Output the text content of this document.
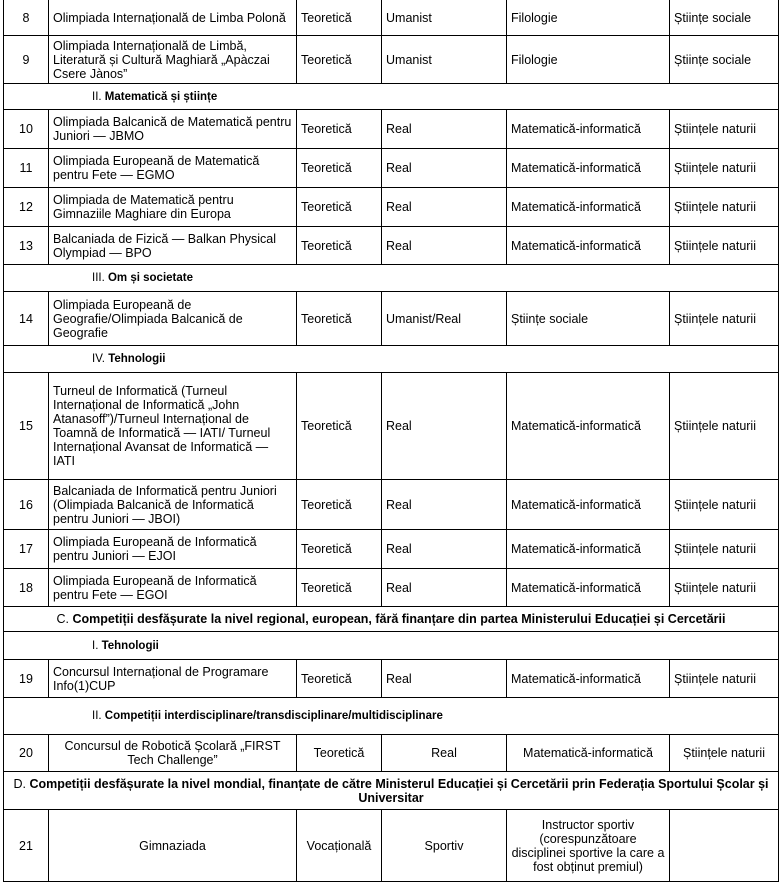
8	Olimpiada Internațională de Limba Polonă	Teoretică	Umanist	Filologie	Științe sociale
9	Olimpiada Internațională de Limbă, Literatură și Cultură Maghiară „Apàczai Csere Jànos”	Teoretică	Umanist	Filologie	Științe sociale
II. Matematică și științe					
10	Olimpiada Balcanică de Matematică pentru Juniori — JBMO	Teoretică	Real	Matematică-informatică	Științele naturii
11	Olimpiada Europeană de Matematică pentru Fete — EGMO	Teoretică	Real	Matematică-informatică	Științele naturii
12	Olimpiada de Matematică pentru Gimnaziile Maghiare din Europa	Teoretică	Real	Matematică-informatică	Științele naturii
13	Balcaniada de Fizică — Balkan Physical Olympiad — BPO	Teoretică	Real	Matematică-informatică	Științele naturii
III. Om și societate					
14	Olimpiada Europeană de Geografie/Olimpiada Balcanică de Geografie	Teoretică	Umanist/Real	Științe sociale	Științele naturii
IV. Tehnologii					
15	Turneul de Informatică (Turneul Internațional de Informatică „John Atanasoff”)/Turneul Internațional de Toamnă de Informatică — IATI/ Turneul Internațional Avansat de Informatică — IATI	Teoretică	Real	Matematică-informatică	Științele naturii
16	Balcaniada de Informatică pentru Juniori (Olimpiada Balcanică de Informatică pentru Juniori — JBOI)	Teoretică	Real	Matematică-informatică	Științele naturii
17	Olimpiada Europeană de Informatică pentru Juniori — EJOI	Teoretică	Real	Matematică-informatică	Științele naturii
18	Olimpiada Europeană de Informatică pentru Fete — EGOI	Teoretică	Real	Matematică-informatică	Științele naturii
C. Competiții desfășurate la nivel regional, european, fără finanțare din partea Ministerului Educației și Cercetării					
I. Tehnologii					
19	Concursul Internațional de Programare Info(1)CUP	Teoretică	Real	Matematică-informatică	Științele naturii
II. Competiții interdisciplinare/transdisciplinare/multidisciplinare					
20	Concursul de Robotică Școlară „FIRST Tech Challenge”	Teoretică	Real	Matematică-informatică	Științele naturii
D. Competiții desfășurate la nivel mondial, finanțate de către Ministerul Educației și Cercetării prin Federația Sportului Școlar și Universitar					
21	Gimnaziada	Vocațională	Sportiv	Instructor sportiv (corespunzătoare disciplinei sportive la care a fost obținut premiul)	
